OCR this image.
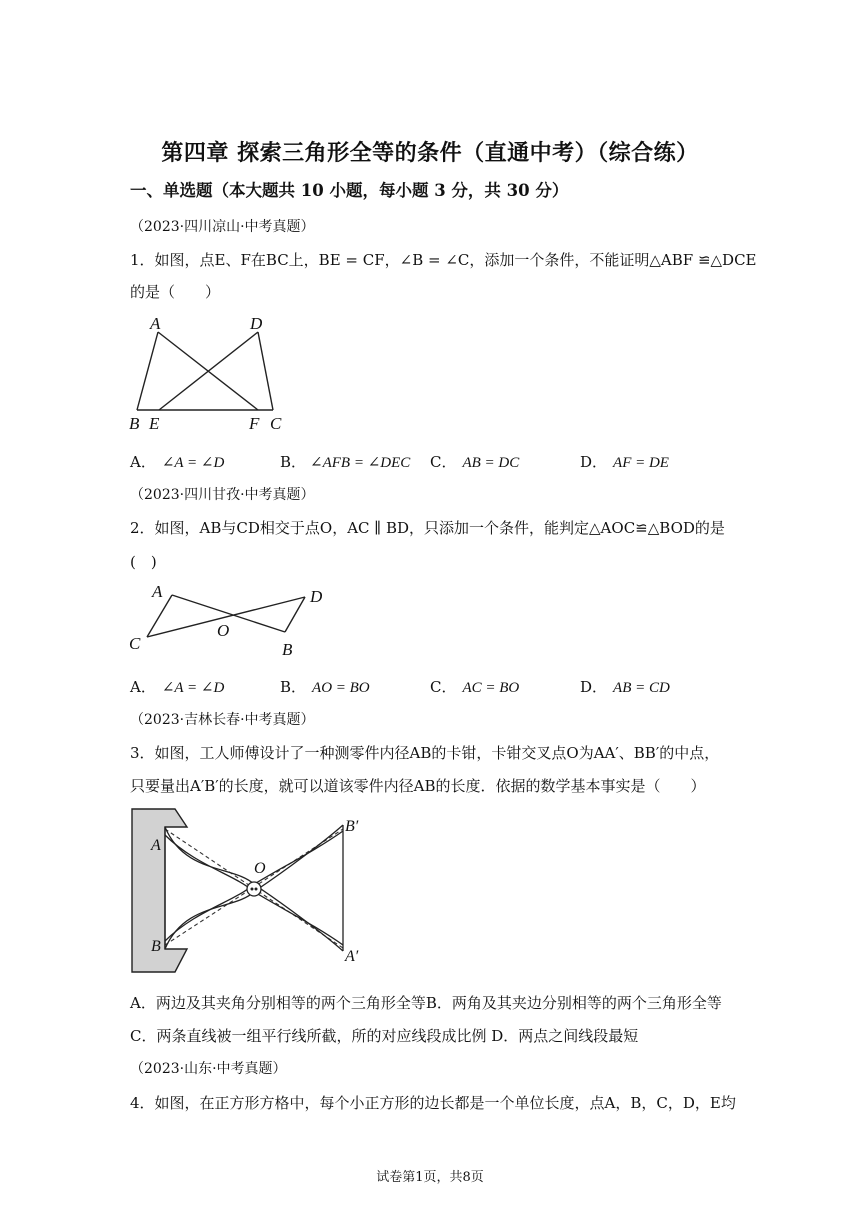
第四章 探索三角形全等的条件（直通中考）（综合练）
一、单选题（本大题共 10 小题，每小题 3 分，共 30 分）
（2023·四川凉山·中考真题）
1．如图，点E、F在BC上，BE = CF，∠B = ∠C，添加一个条件，不能证明△ABF ≌△DCE
的是（　　）
A	D
B E	F C
A． ∠A = ∠D	B． ∠AFB = ∠DEC C． AB = DC	D． AF = DE
（2023·四川甘孜·中考真题）
2．如图，AB与CD相交于点O，AC ∥ BD，只添加一个条件，能判定△AOC≌△BOD的是
(　)
A	D
C
O
B
A． ∠A = ∠D	B． AO = BO	C． AC = BO	D． AB = CD
（2023·吉林长春·中考真题）
3．如图，工人师傅设计了一种测零件内径AB的卡钳，卡钳交叉点O为AA′、BB′的中点，
只要量出A′B′的长度，就可以道该零件内径AB的长度．依据的数学基本事实是（　　）
B′
A
O
B
A′
A．两边及其夹角分别相等的两个三角形全等B．两角及其夹边分别相等的两个三角形全等
C．两条直线被一组平行线所截，所的对应线段成比例 D．两点之间线段最短
（2023·山东·中考真题）
4．如图，在正方形方格中，每个小正方形的边长都是一个单位长度，点A，B，C，D，E均
试卷第1页，共8页
